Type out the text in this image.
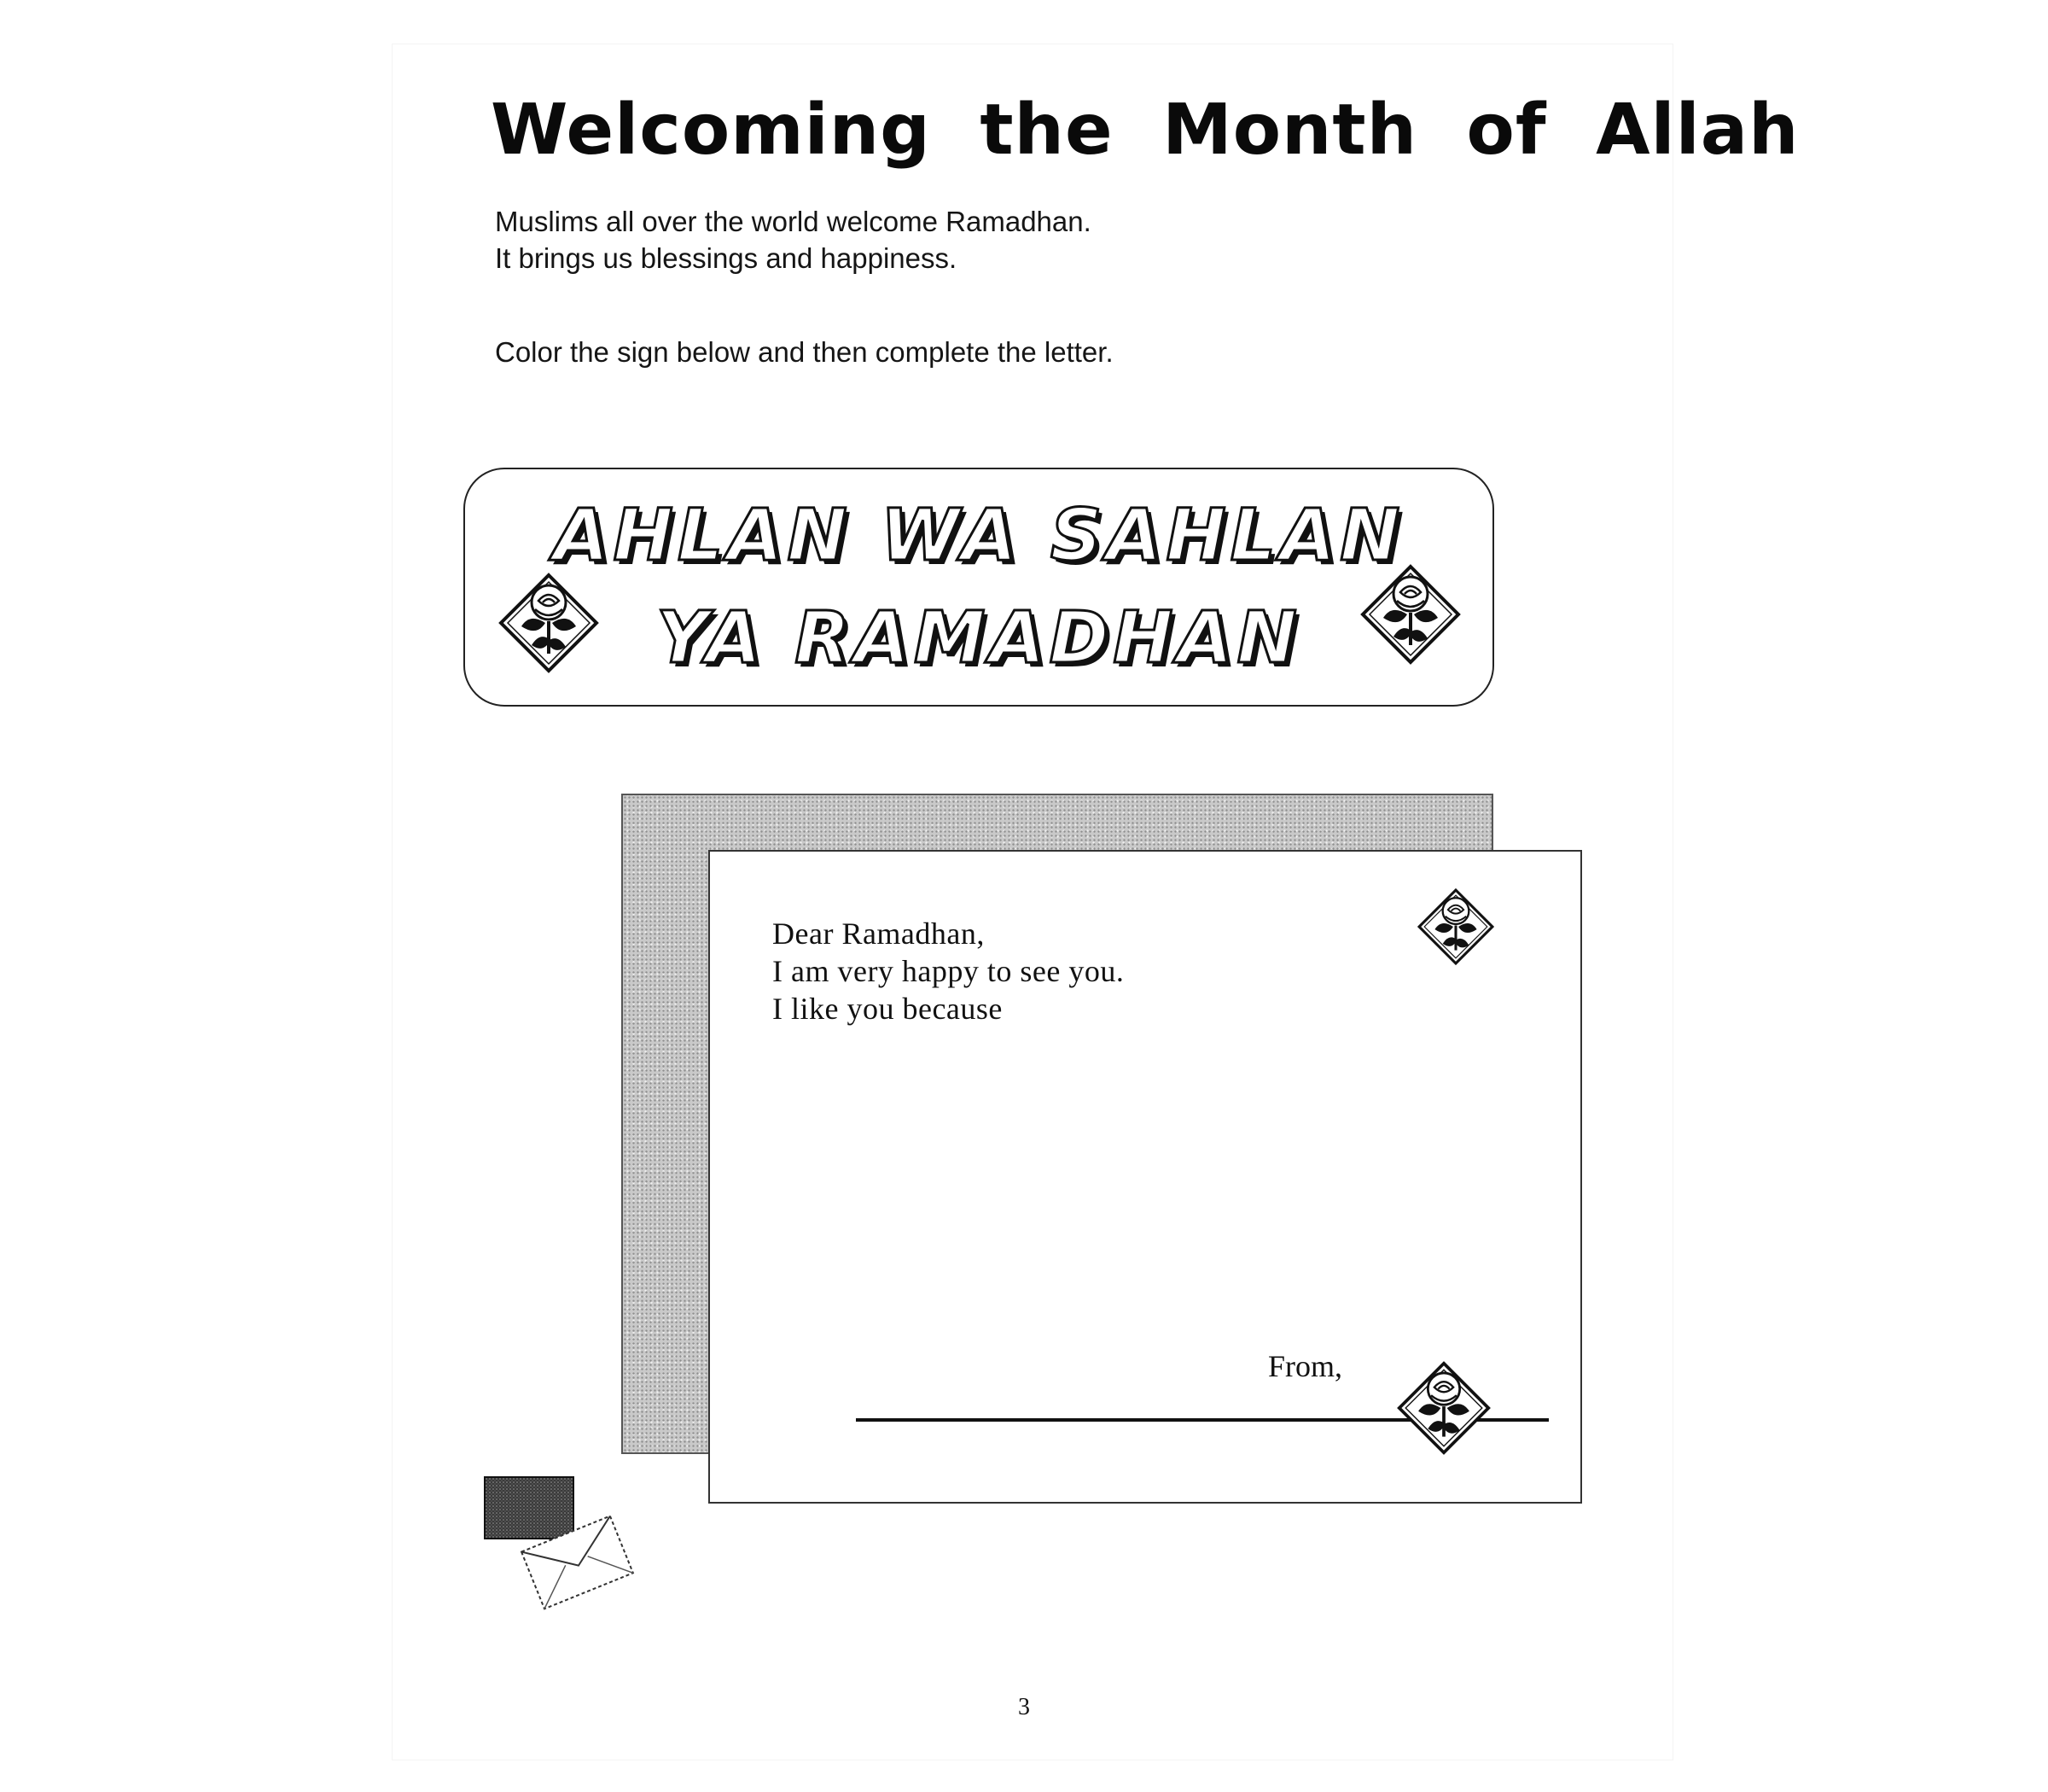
Welcoming the Month of Allah
Muslims all over the world welcome Ramadhan.
It brings us blessings and happiness.
Color the sign below and then complete the letter.
AHLAN WA SAHLAN
YA RAMADHAN
Dear Ramadhan,
I am very happy to see you.
I like you because
From,
3
